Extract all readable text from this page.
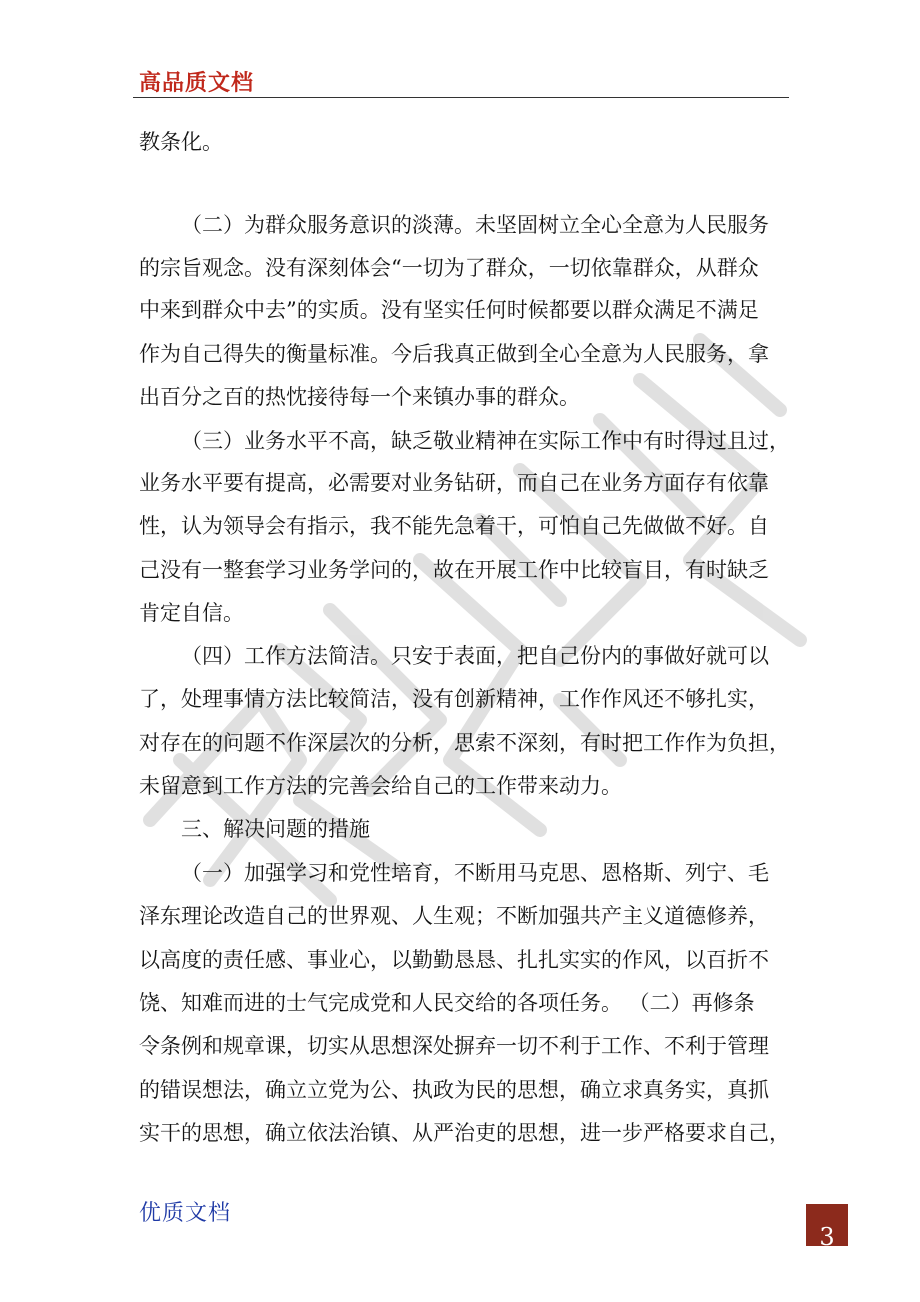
高品质文档
教条化。
（二）为群众服务意识的淡薄。未坚固树立全心全意为人民服务
的宗旨观念。没有深刻体会“一切为了群众，一切依靠群众，从群众
中来到群众中去”的实质。没有坚实任何时候都要以群众满足不满足
作为自己得失的衡量标准。今后我真正做到全心全意为人民服务，拿
出百分之百的热忱接待每一个来镇办事的群众。
（三）业务水平不高，缺乏敬业精神在实际工作中有时得过且过，
业务水平要有提高，必需要对业务钻研，而自己在业务方面存有依靠
性，认为领导会有指示，我不能先急着干，可怕自己先做做不好。自
己没有一整套学习业务学问的，故在开展工作中比较盲目，有时缺乏
肯定自信。
（四）工作方法简洁。只安于表面，把自己份内的事做好就可以
了，处理事情方法比较简洁，没有创新精神，工作作风还不够扎实，
对存在的问题不作深层次的分析，思索不深刻，有时把工作作为负担，
未留意到工作方法的完善会给自己的工作带来动力。
三、解决问题的措施
（一）加强学习和党性培育，不断用马克思、恩格斯、列宁、毛
泽东理论改造自己的世界观、人生观；不断加强共产主义道德修养，
以高度的责任感、事业心，以勤勤恳恳、扎扎实实的作风，以百折不
饶、知难而进的士气完成党和人民交给的各项任务。 （二）再修条
令条例和规章课，切实从思想深处摒弃一切不利于工作、不利于管理
的错误想法，确立立党为公、执政为民的思想，确立求真务实，真抓
实干的思想，确立依法治镇、从严治吏的思想，进一步严格要求自己，
优质文档
3
